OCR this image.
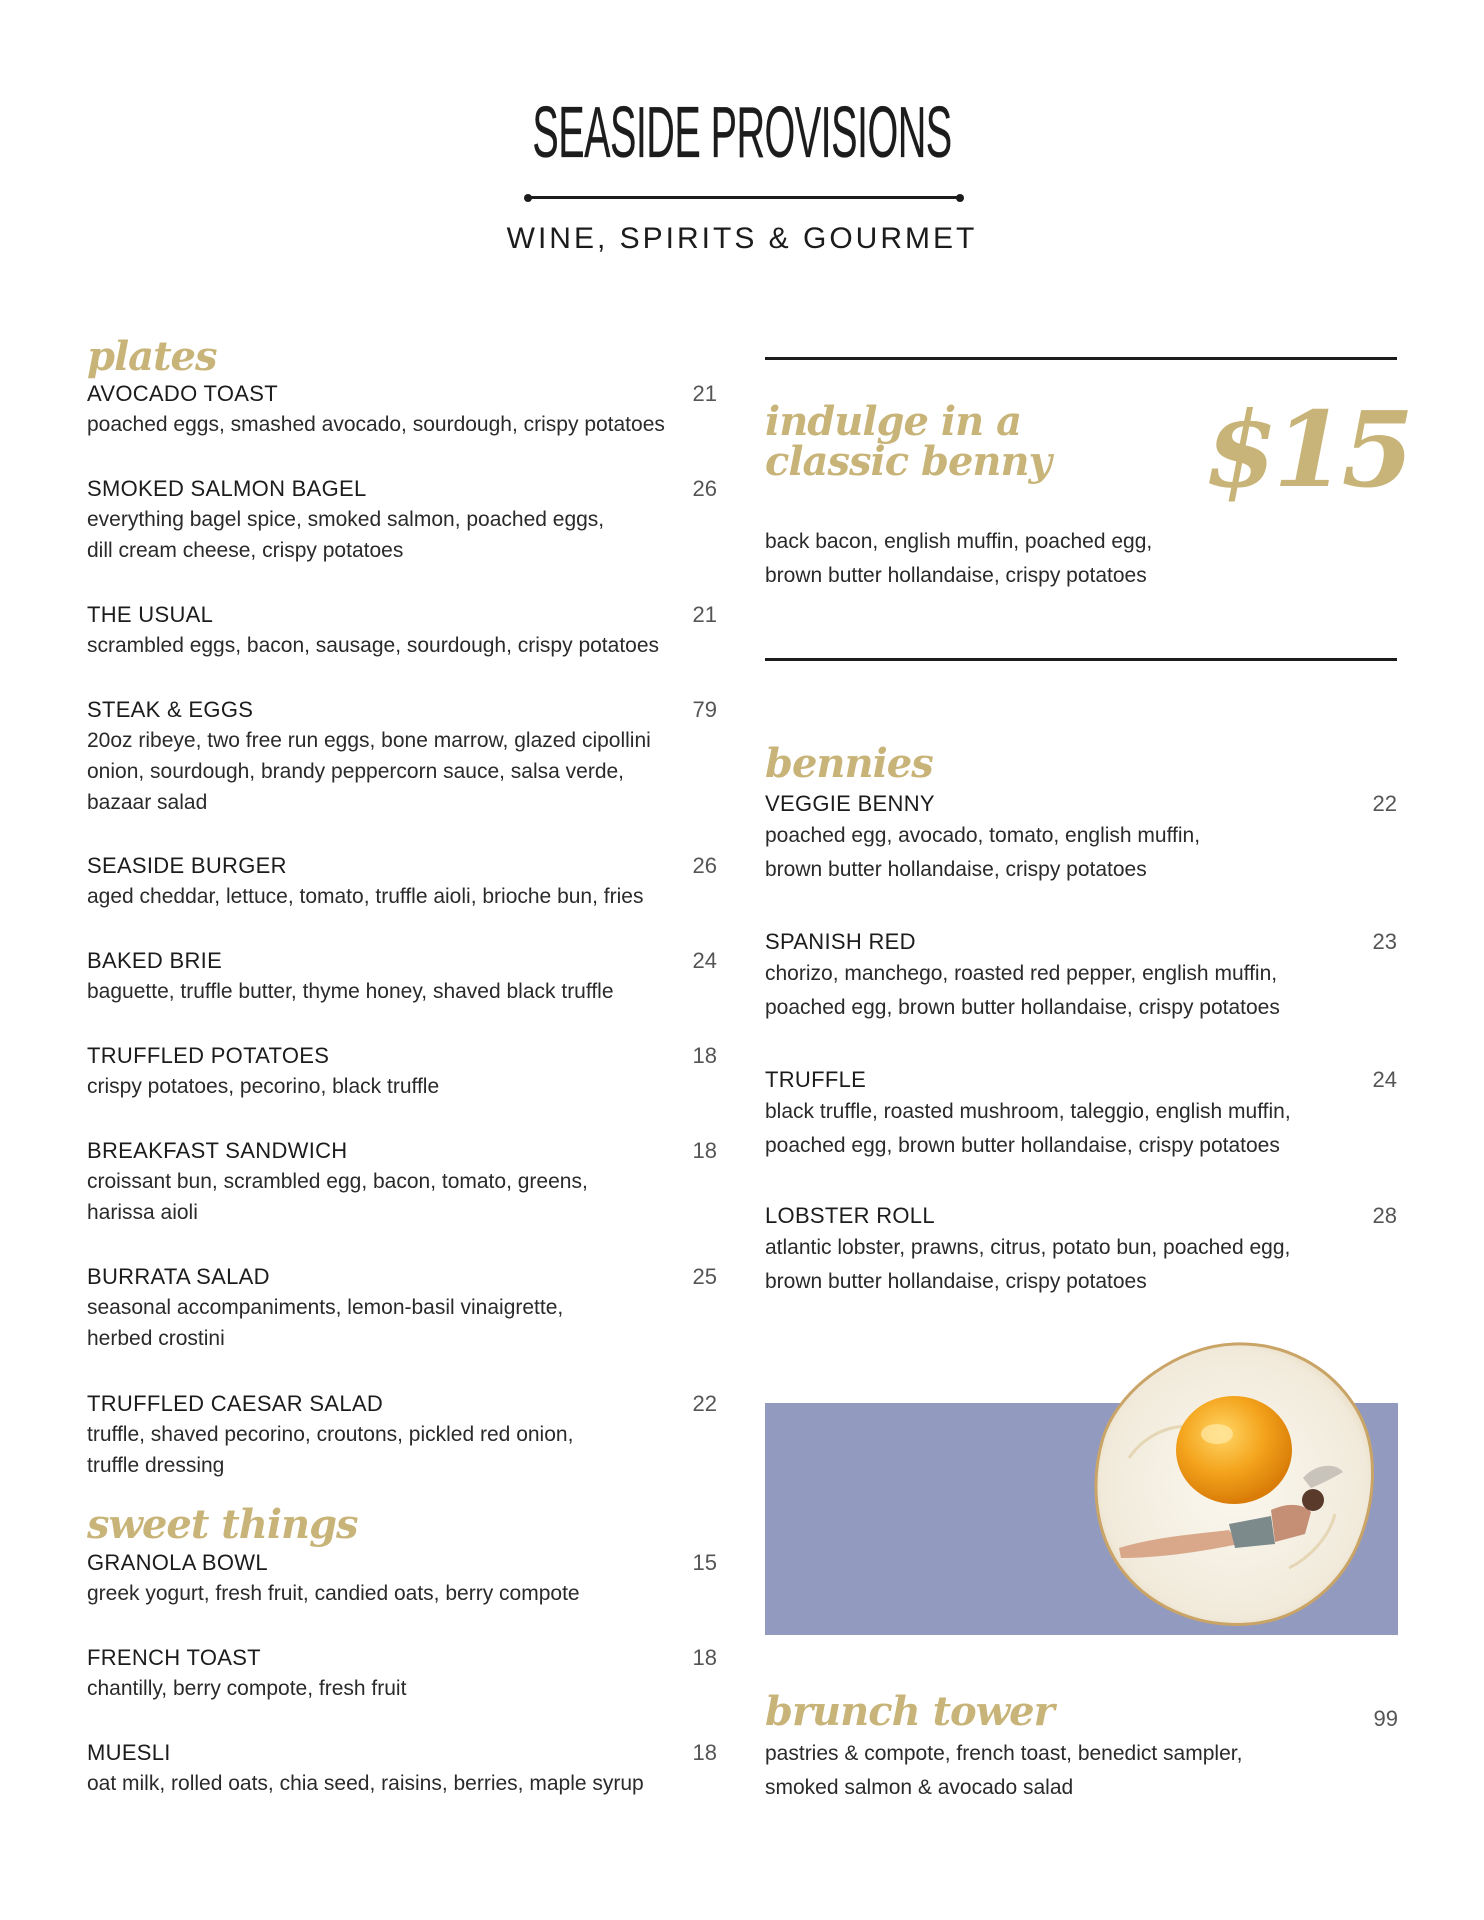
SEASIDE PROVISIONS
WINE, SPIRITS & GOURMET
plates
AVOCADO TOAST	21
poached eggs, smashed avocado, sourdough, crispy potatoes
SMOKED SALMON BAGEL	26
everything bagel spice, smoked salmon, poached eggs,
dill cream cheese, crispy potatoes
THE USUAL	21
scrambled eggs, bacon, sausage, sourdough, crispy potatoes
STEAK & EGGS	79
20oz ribeye, two free run eggs, bone marrow, glazed cipollini
onion, sourdough, brandy peppercorn sauce, salsa verde,
bazaar salad
SEASIDE BURGER	26
aged cheddar, lettuce, tomato, truffle aioli, brioche bun, fries
BAKED BRIE	24
baguette, truffle butter, thyme honey, shaved black truffle
TRUFFLED POTATOES	18
crispy potatoes, pecorino, black truffle
BREAKFAST SANDWICH	18
croissant bun, scrambled egg, bacon, tomato, greens,
harissa aioli
BURRATA SALAD	25
seasonal accompaniments, lemon-basil vinaigrette,
herbed crostini
TRUFFLED CAESAR SALAD	22
truffle, shaved pecorino, croutons, pickled red onion,
truffle dressing
sweet things
GRANOLA BOWL	15
greek yogurt, fresh fruit, candied oats, berry compote
FRENCH TOAST	18
chantilly, berry compote, fresh fruit
MUESLI	18
oat milk, rolled oats, chia seed, raisins, berries, maple syrup
indulge in a
classic benny	$15
back bacon, english muffin, poached egg,
brown butter hollandaise, crispy potatoes
bennies
VEGGIE BENNY	22
poached egg, avocado, tomato, english muffin,
brown butter hollandaise, crispy potatoes
SPANISH RED	23
chorizo, manchego, roasted red pepper, english muffin,
poached egg, brown butter hollandaise, crispy potatoes
TRUFFLE	24
black truffle, roasted mushroom, taleggio, english muffin,
poached egg, brown butter hollandaise, crispy potatoes
LOBSTER ROLL	28
atlantic lobster, prawns, citrus, potato bun, poached egg,
brown butter hollandaise, crispy potatoes
brunch tower	99
pastries & compote, french toast, benedict sampler,
smoked salmon & avocado salad
